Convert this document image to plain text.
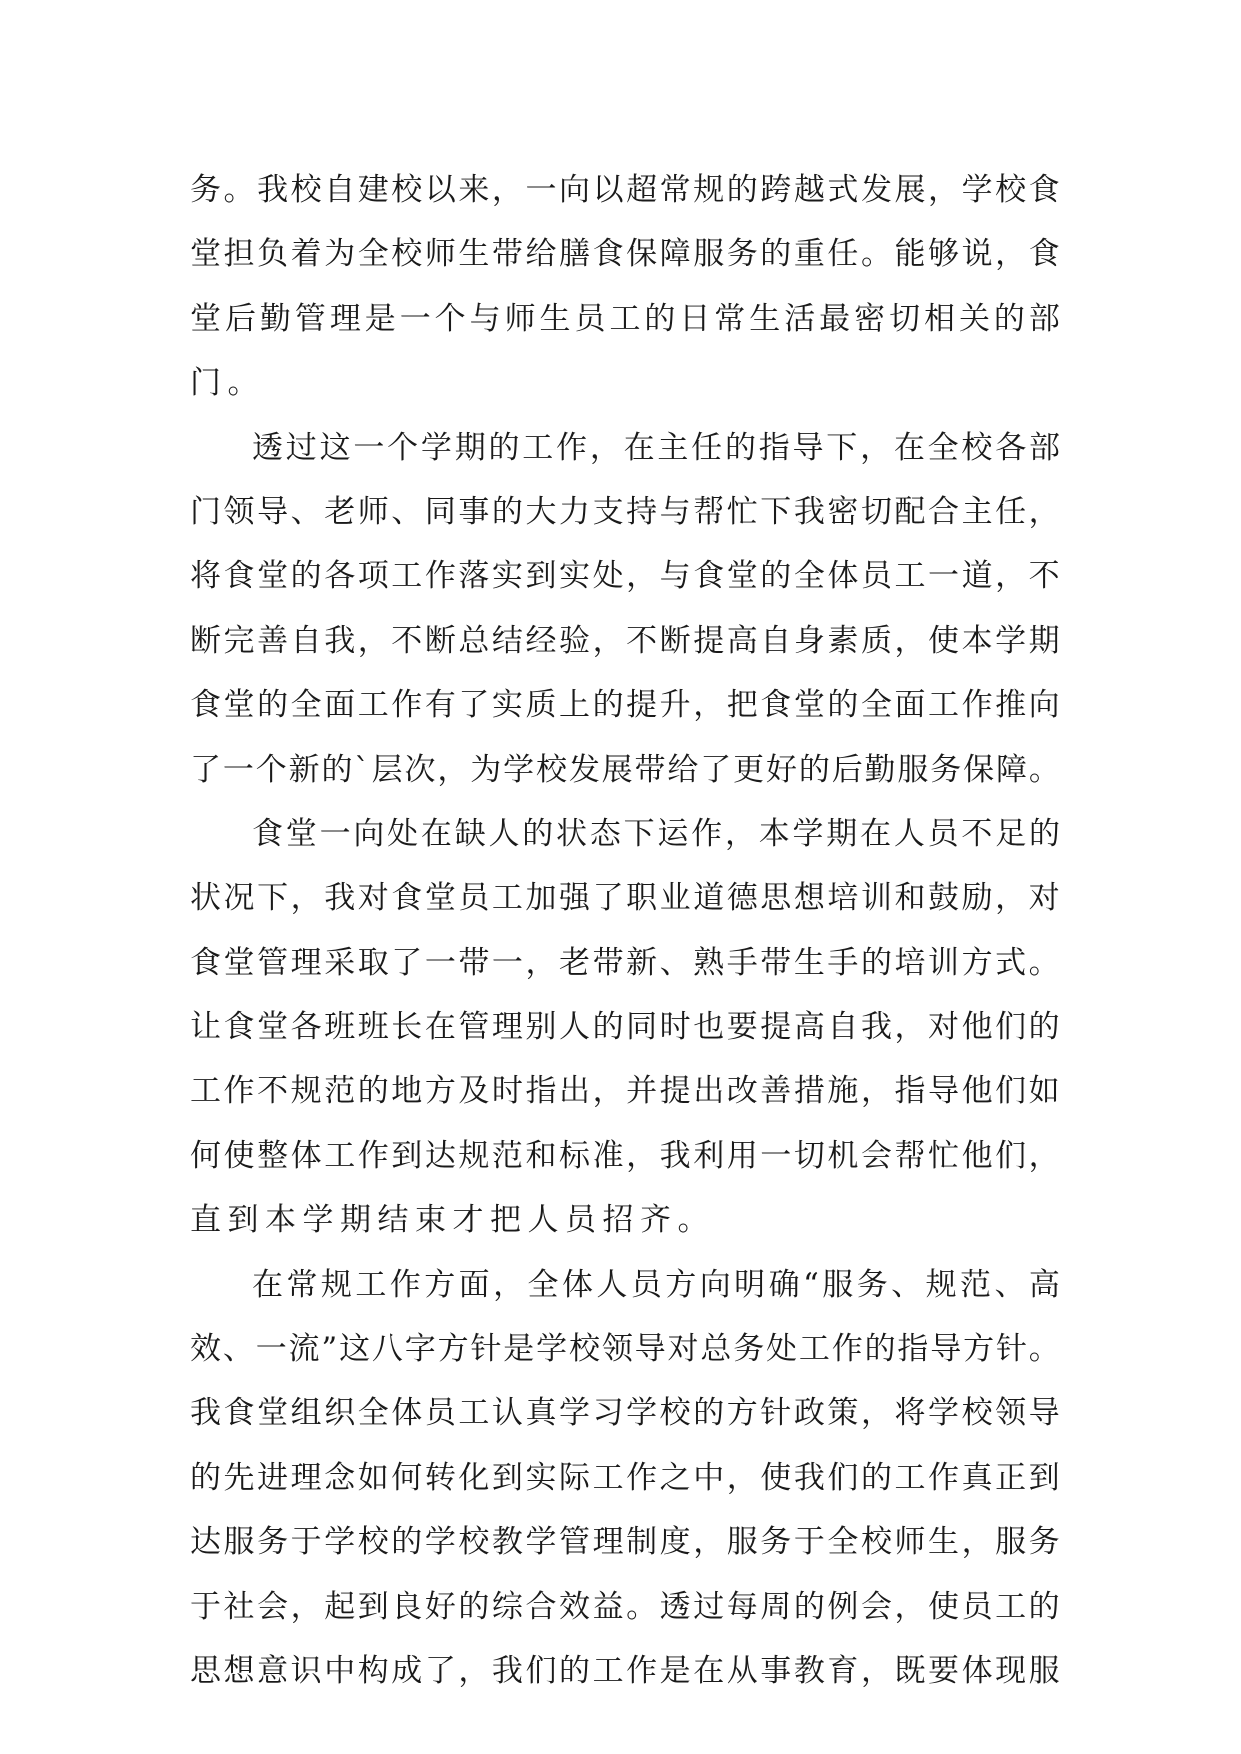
务 。 我 校 自 建 校 以 来 ， 一 向 以 超 常 规 的 跨 越 式 发 展 ， 学 校 食
堂 担 负 着 为 全 校 师 生 带 给 膳 食 保 障 服 务 的 重 任 。 能 够 说 ， 食
堂 后 勤 管 理 是 一 个 与 师 生 员 工 的 日 常 生 活 最 密 切 相 关 的 部
门。
透 过 这 一 个 学 期 的 工 作 ， 在 主 任 的 指 导 下 ， 在 全 校 各 部
门 领 导 、 老 师 、 同 事 的 大 力 支 持 与 帮 忙 下 我 密 切 配 合 主 任 ，
将 食 堂 的 各 项 工 作 落 实 到 实 处 ， 与 食 堂 的 全 体 员 工 一 道 ， 不
断 完 善 自 我 ， 不 断 总 结 经 验 ， 不 断 提 高 自 身 素 质 ， 使 本 学 期
食 堂 的 全 面 工 作 有 了 实 质 上 的 提 升 ， 把 食 堂 的 全 面 工 作 推 向
了 一 个 新 的 ` 层 次 ， 为 学 校 发 展 带 给 了 更 好 的 后 勤 服 务 保 障 。
食 堂 一 向 处 在 缺 人 的 状 态 下 运 作 ， 本 学 期 在 人 员 不 足 的
状 况 下 ， 我 对 食 堂 员 工 加 强 了 职 业 道 德 思 想 培 训 和 鼓 励 ， 对
食 堂 管 理 采 取 了 一 带 一 ， 老 带 新 、 熟 手 带 生 手 的 培 训 方 式 。
让 食 堂 各 班 班 长 在 管 理 别 人 的 同 时 也 要 提 高 自 我 ， 对 他 们 的
工 作 不 规 范 的 地 方 及 时 指 出 ， 并 提 出 改 善 措 施 ， 指 导 他 们 如
何 使 整 体 工 作 到 达 规 范 和 标 准 ， 我 利 用 一 切 机 会 帮 忙 他 们 ，
直到本学期结束才把人员招齐。
在 常 规 工 作 方 面 ， 全 体 人 员 方 向 明 确 “ 服 务 、 规 范 、 高
效 、 一 流 ” 这 八 字 方 针 是 学 校 领 导 对 总 务 处 工 作 的 指 导 方 针 。
我 食 堂 组 织 全 体 员 工 认 真 学 习 学 校 的 方 针 政 策 ， 将 学 校 领 导
的 先 进 理 念 如 何 转 化 到 实 际 工 作 之 中 ， 使 我 们 的 工 作 真 正 到
达 服 务 于 学 校 的 学 校 教 学 管 理 制 度 ， 服 务 于 全 校 师 生 ， 服 务
于 社 会 ， 起 到 良 好 的 综 合 效 益 。 透 过 每 周 的 例 会 ， 使 员 工 的
思 想 意 识 中 构 成 了 ， 我 们 的 工 作 是 在 从 事 教 育 ， 既 要 体 现 服
